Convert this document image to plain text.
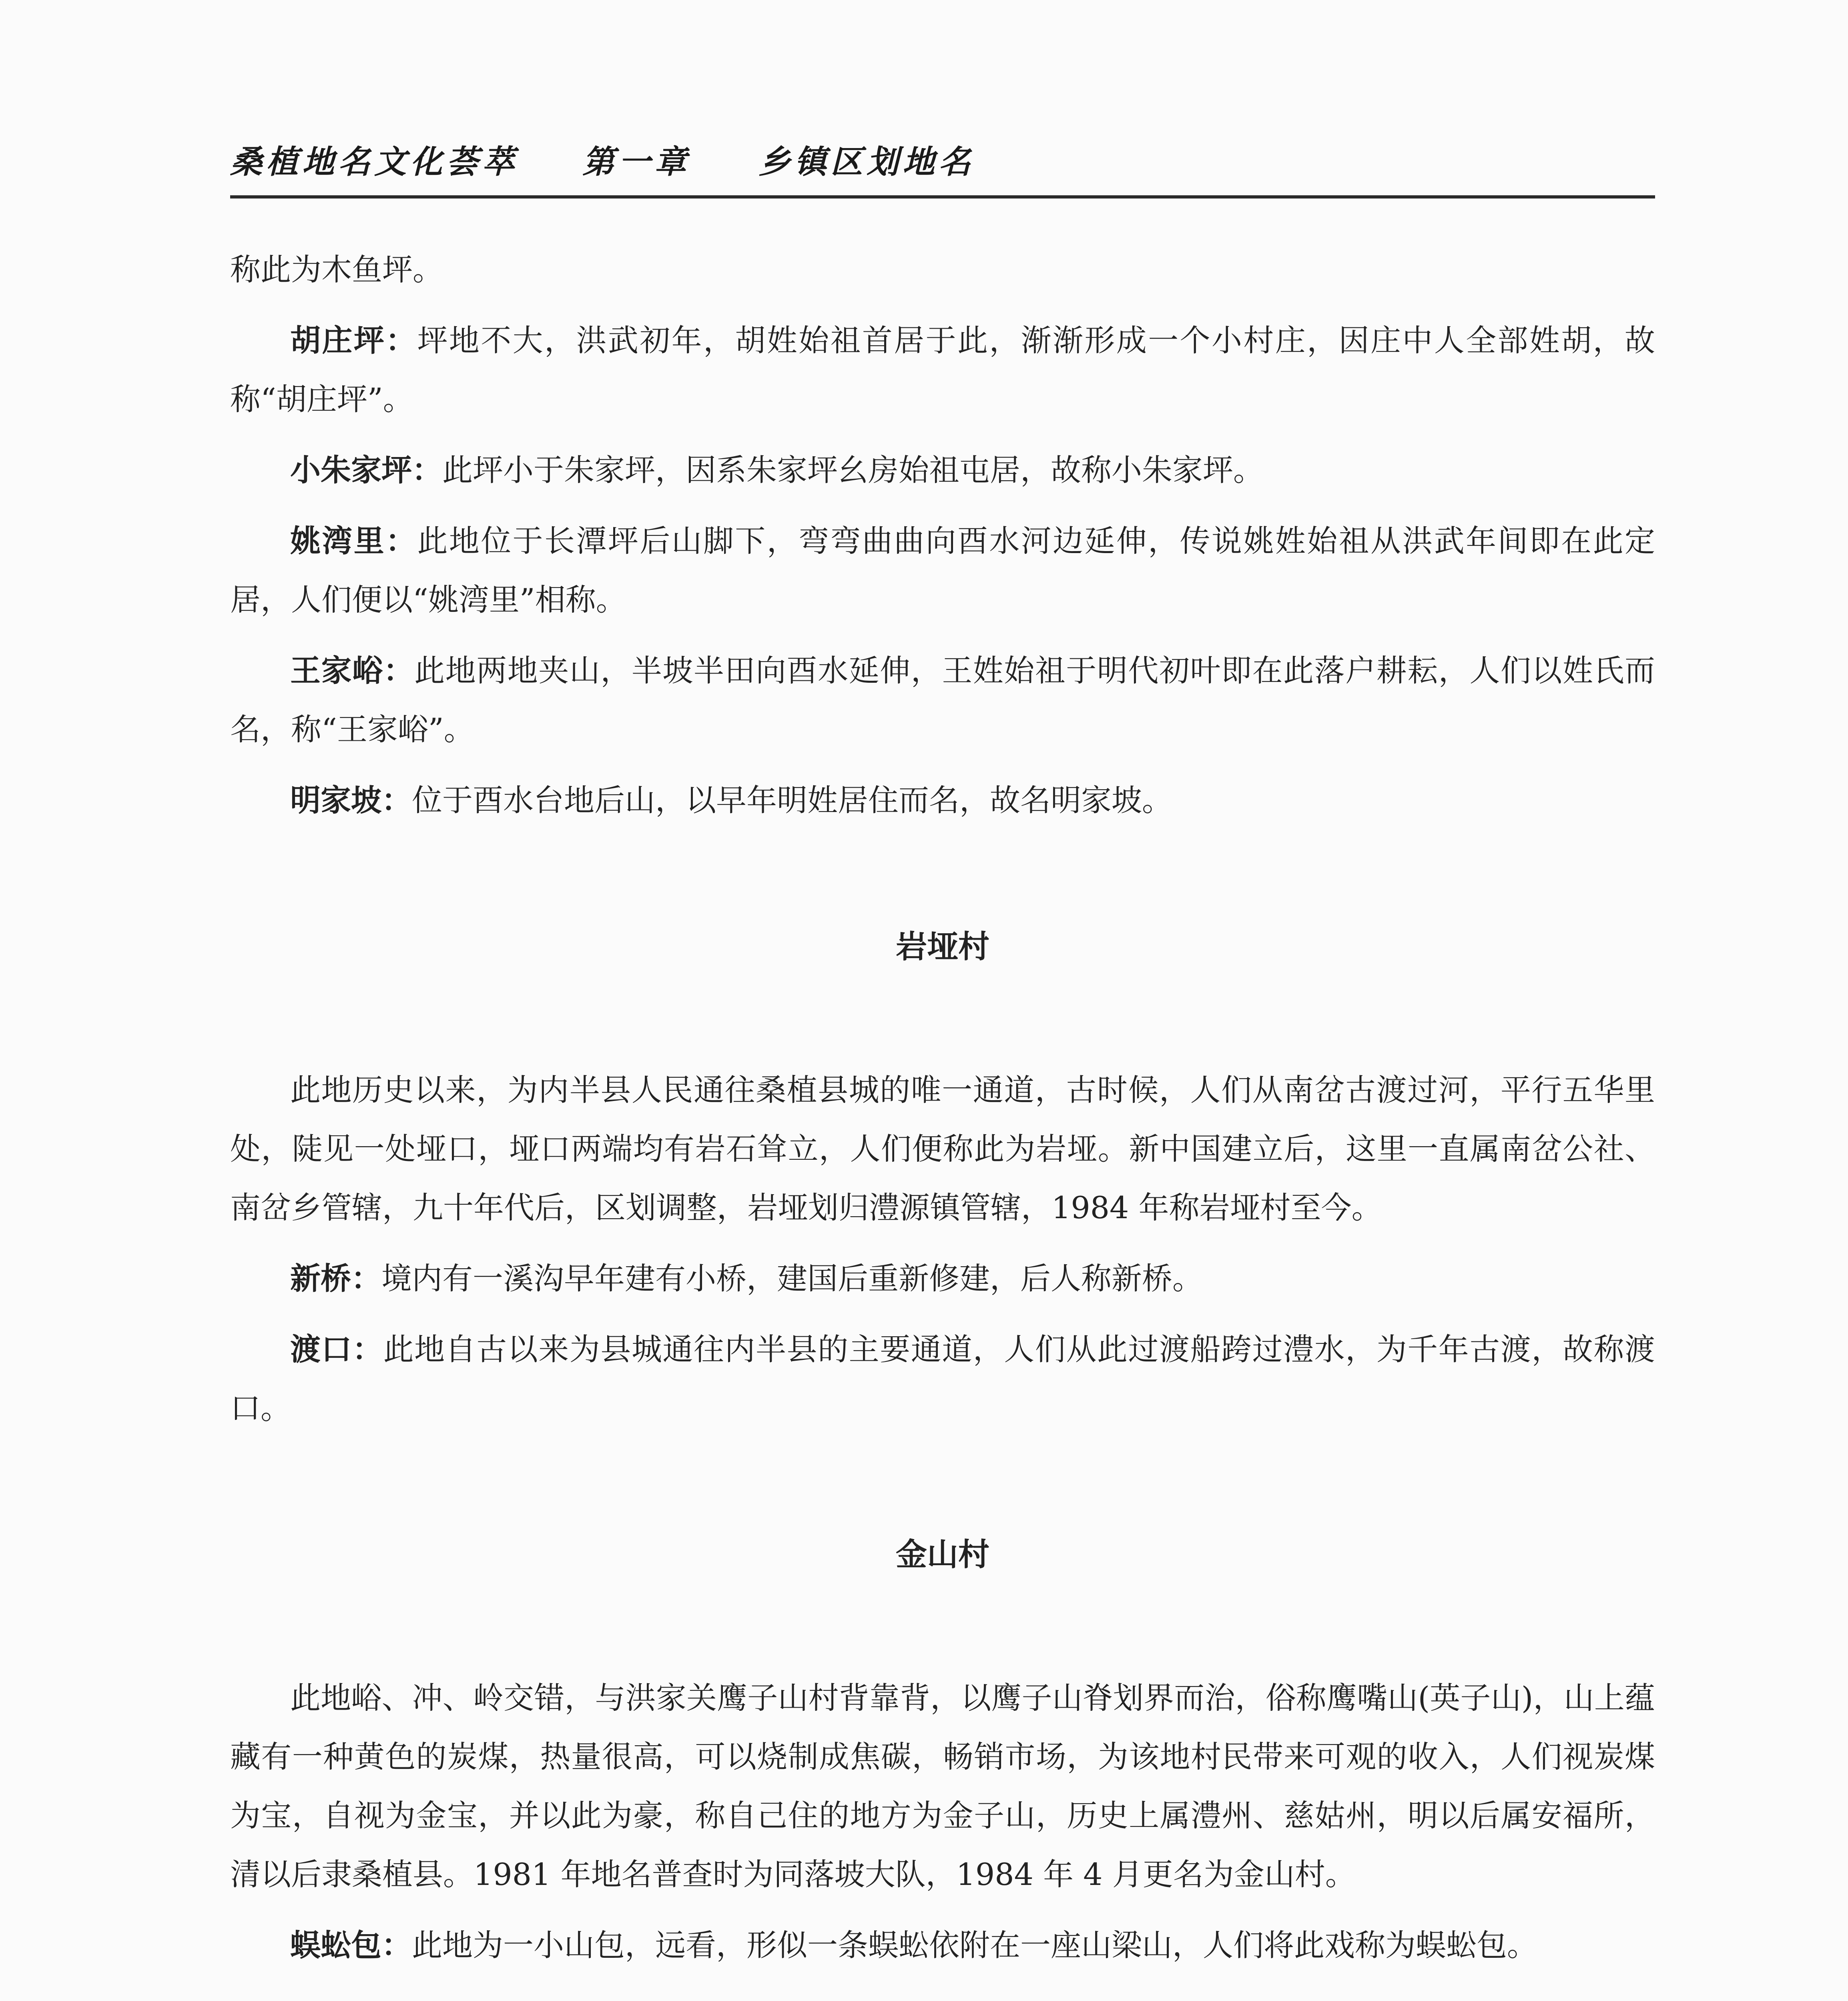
桑植地名文化荟萃 第一章 乡镇区划地名

称此为木鱼坪。

胡庄坪：坪地不大，洪武初年，胡姓始祖首居于此，渐渐形成一个小村庄，因庄中人全部姓胡，故称“胡庄坪”。

小朱家坪：此坪小于朱家坪，因系朱家坪幺房始祖屯居，故称小朱家坪。

姚湾里：此地位于长潭坪后山脚下，弯弯曲曲向酉水河边延伸，传说姚姓始祖从洪武年间即在此定居，人们便以“姚湾里”相称。

王家峪：此地两地夹山，半坡半田向酉水延伸，王姓始祖于明代初叶即在此落户耕耘，人们以姓氏而名，称“王家峪”。

明家坡：位于酉水台地后山，以早年明姓居住而名，故名明家坡。

岩垭村

此地历史以来，为内半县人民通往桑植县城的唯一通道，古时候，人们从南岔古渡过河，平行五华里处，陡见一处垭口，垭口两端均有岩石耸立，人们便称此为岩垭。新中国建立后，这里一直属南岔公社、南岔乡管辖，九十年代后，区划调整，岩垭划归澧源镇管辖，1984 年称岩垭村至今。

新桥：境内有一溪沟早年建有小桥，建国后重新修建，后人称新桥。

渡口：此地自古以来为县城通往内半县的主要通道，人们从此过渡船跨过澧水，为千年古渡，故称渡口。

金山村

此地峪、冲、岭交错，与洪家关鹰子山村背靠背，以鹰子山脊划界而治，俗称鹰嘴山(英子山)，山上蕴藏有一种黄色的炭煤，热量很高，可以烧制成焦碳，畅销市场，为该地村民带来可观的收入，人们视炭煤为宝，自视为金宝，并以此为豪，称自己住的地方为金子山，历史上属澧州、慈姑州，明以后属安福所，清以后隶桑植县。1981 年地名普查时为同落坡大队，1984 年 4 月更名为金山村。

蜈蚣包：此地为一小山包，远看，形似一条蜈蚣依附在一座山梁山，人们将此戏称为蜈蚣包。
